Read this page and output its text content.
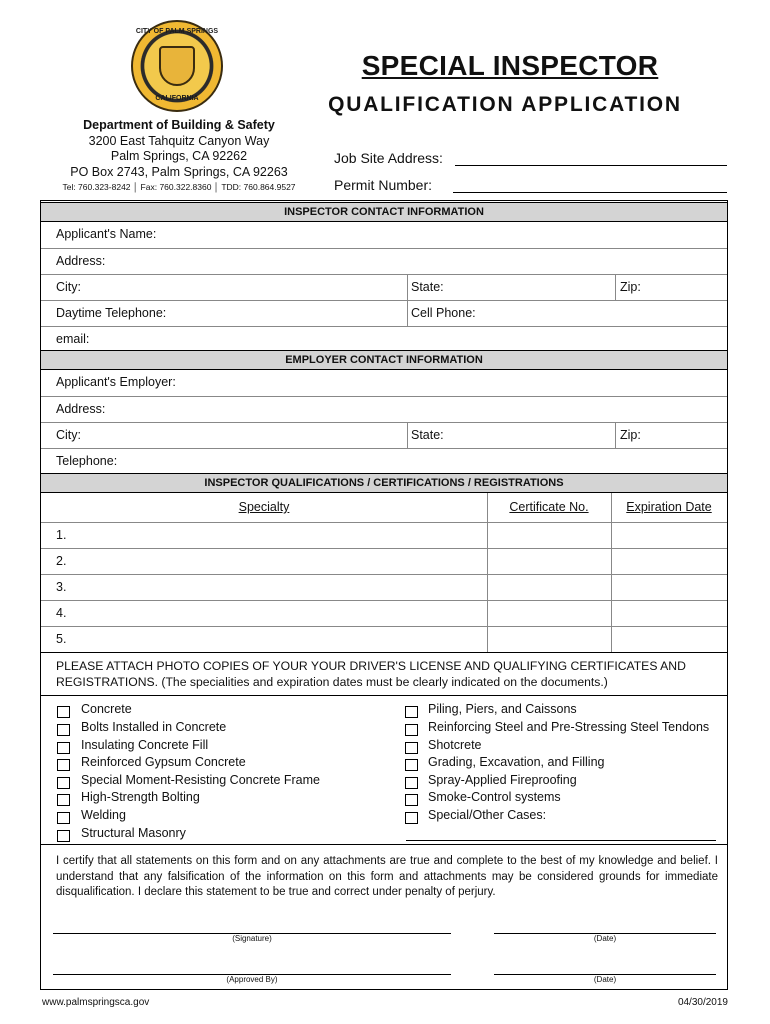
CITY OF PALM SPRINGS
CALIFORNIA
SPECIAL INSPECTOR
QUALIFICATION APPLICATION
Department of Building & Safety
3200 East Tahquitz Canyon Way
Palm Springs, CA 92262
PO Box 2743, Palm Springs, CA 92263
Tel: 760.323-8242 │ Fax: 760.322.8360 │ TDD: 760.864.9527
Job Site Address:
Permit Number:
INSPECTOR CONTACT INFORMATION
Applicant's Name:
Address:
City:	State:	Zip:
Daytime Telephone:	Cell Phone:
email:
EMPLOYER CONTACT INFORMATION
Applicant's Employer:
Address:
City:	State:	Zip:
Telephone:
INSPECTOR QUALIFICATIONS / CERTIFICATIONS / REGISTRATIONS
Specialty	Certificate No.	Expiration Date
1.
2.
3.
4.
5.
PLEASE ATTACH PHOTO COPIES OF YOUR YOUR DRIVER'S LICENSE AND QUALIFYING CERTIFICATES AND REGISTRATIONS. (The specialities and expiration dates must be clearly indicated on the documents.)
Concrete
Bolts Installed in Concrete
Insulating Concrete Fill
Reinforced Gypsum Concrete
Special Moment-Resisting Concrete Frame
High-Strength Bolting
Welding
Structural Masonry
Piling, Piers, and Caissons
Reinforcing Steel and Pre-Stressing Steel Tendons
Shotcrete
Grading, Excavation, and Filling
Spray-Applied Fireproofing
Smoke-Control systems
Special/Other Cases:
I certify that all statements on this form and on any attachments are true and complete to the best of my knowledge and belief. I understand that any falsification of the information on this form and attachments may be considered grounds for immediate disqualification. I declare this statement to be true and correct under penalty of perjury.
(Signature)	(Date)
(Approved By)	(Date)
www.palmspringsca.gov	04/30/2019
